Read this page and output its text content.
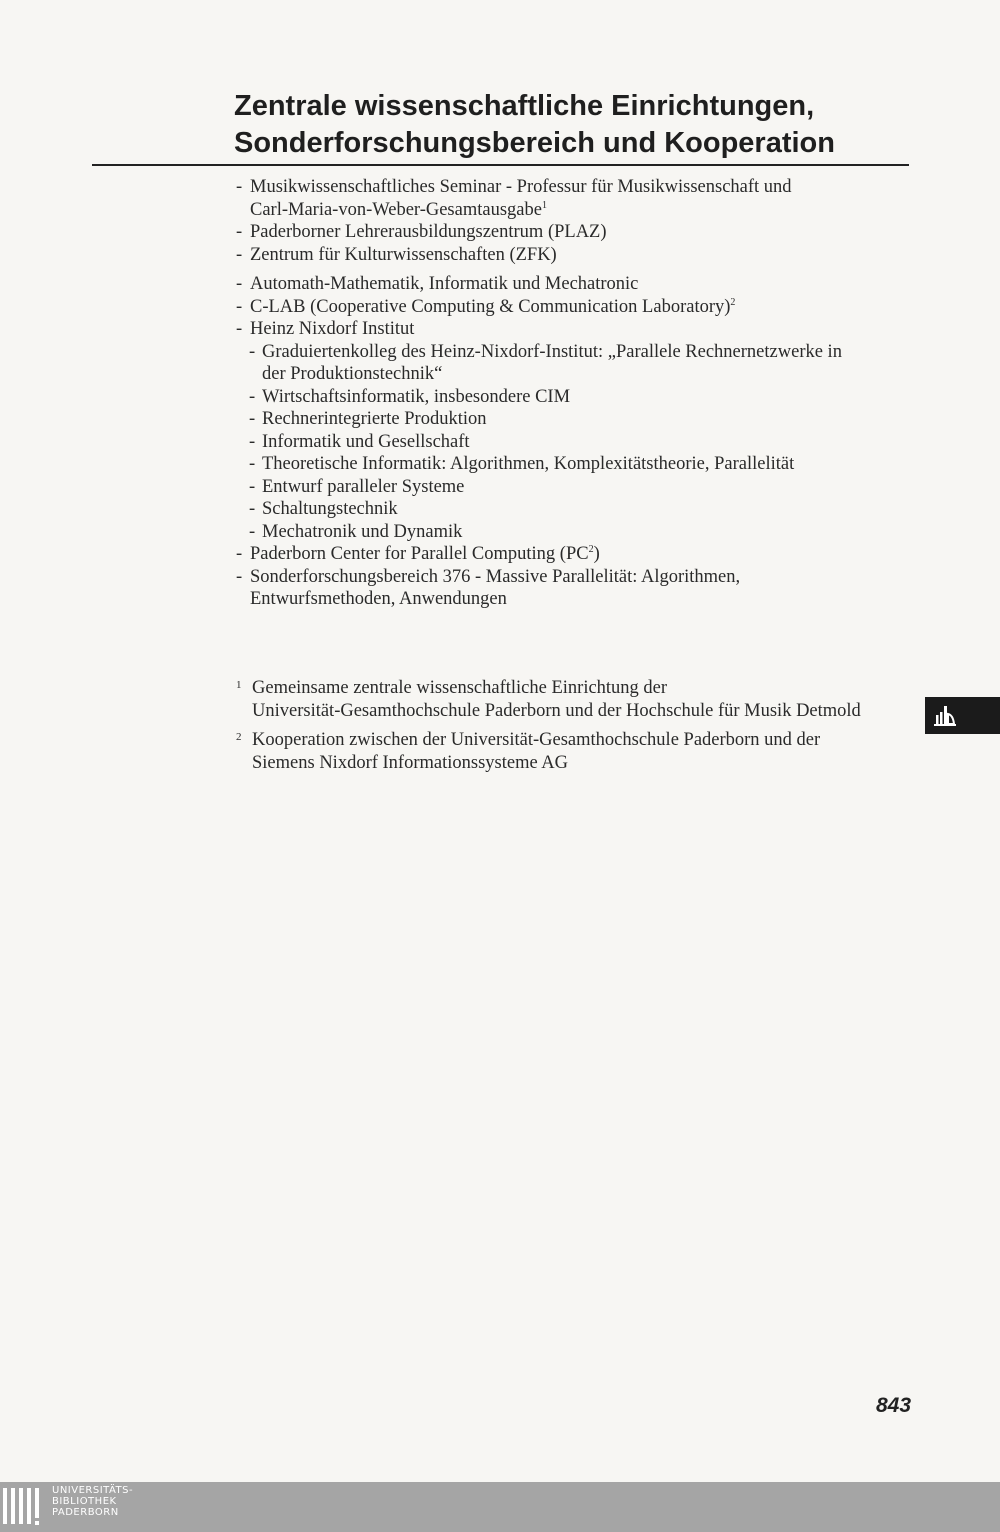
Zentrale wissenschaftliche Einrichtungen,
Sonderforschungsbereich und Kooperation
- Musikwissenschaftliches Seminar - Professur für Musikwissenschaft und
Carl-Maria-von-Weber-Gesamtausgabe$^1$
- Paderborner Lehrerausbildungszentrum (PLAZ)
- Zentrum für Kulturwissenschaften (ZFK)
- Automath-Mathematik, Informatik und Mechatronic
- C-LAB (Cooperative Computing & Communication Laboratory)$^2$
- Heinz Nixdorf Institut
- Graduiertenkolleg des Heinz-Nixdorf-Institut: „Parallele Rechnernetzwerke in
der Produktionstechnik“
- Wirtschaftsinformatik, insbesondere CIM
- Rechnerintegrierte Produktion
- Informatik und Gesellschaft
- Theoretische Informatik: Algorithmen, Komplexitätstheorie, Parallelität
- Entwurf paralleler Systeme
- Schaltungstechnik
- Mechatronik und Dynamik
- Paderborn Center for Parallel Computing $(PC^2)$
- Sonderforschungsbereich 376 - Massive Parallelität: Algorithmen,
Entwurfsmethoden, Anwendungen
1 Gemeinsame zentrale wissenschaftliche Einrichtung der
Universität-Gesamthochschule Paderborn und der Hochschule für Musik Detmold
2 Kooperation zwischen der Universität-Gesamthochschule Paderborn und der
Siemens Nixdorf Informationssysteme AG
843
UNIVERSITÄTS-
BIBLIOTHEK
PADERBORN
